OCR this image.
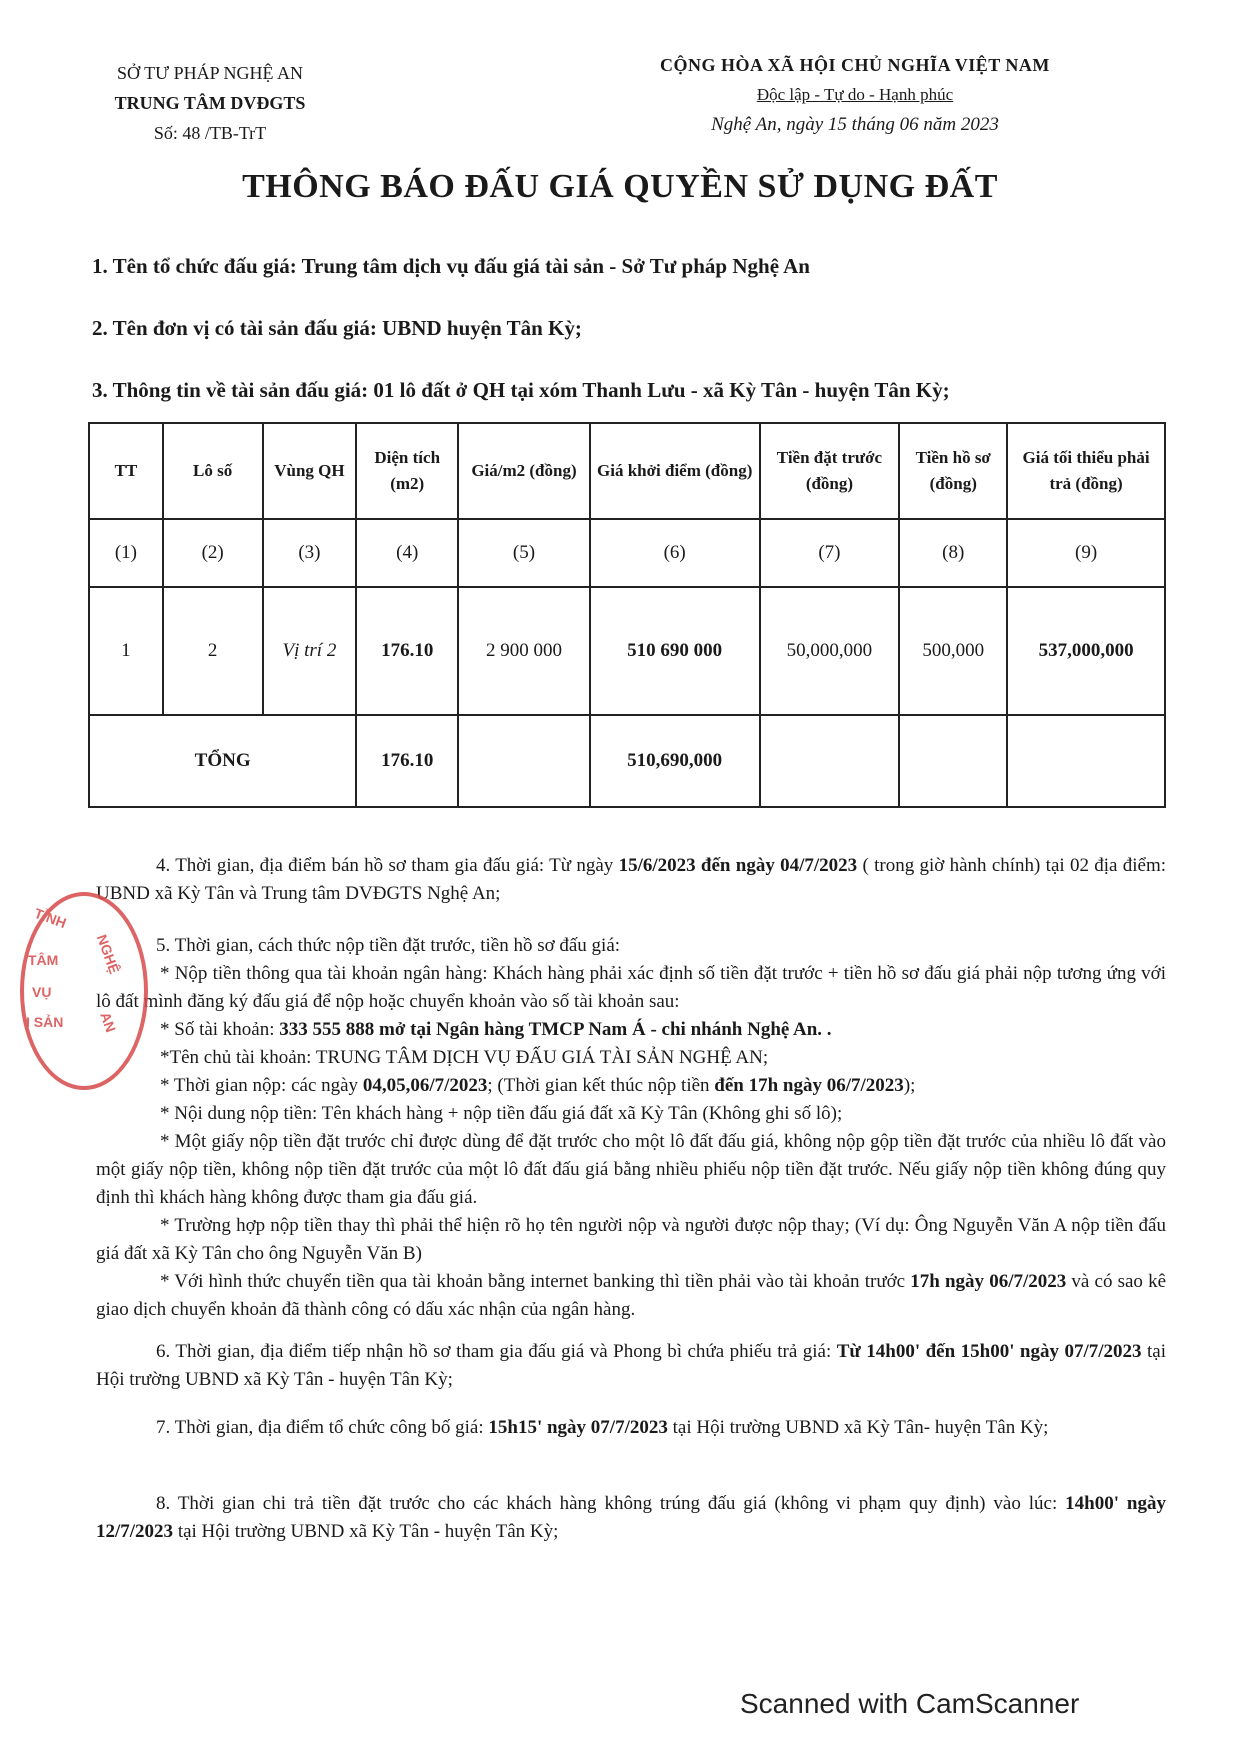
SỞ TƯ PHÁP NGHỆ AN
TRUNG TÂM DVĐGTS
Số: 48 /TB-TrT
CỘNG HÒA XÃ HỘI CHỦ NGHĨA VIỆT NAM
Độc lập - Tự do - Hạnh phúc
Nghệ An, ngày 15 tháng 06 năm 2023
THÔNG BÁO ĐẤU GIÁ QUYỀN SỬ DỤNG ĐẤT
1. Tên tổ chức đấu giá: Trung tâm dịch vụ đấu giá tài sản - Sở Tư pháp Nghệ An
2. Tên đơn vị có tài sản đấu giá: UBND huyện Tân Kỳ;
3. Thông tin về tài sản đấu giá: 01 lô đất ở QH tại xóm Thanh Lưu - xã Kỳ Tân - huyện Tân Kỳ;
TT	Lô số	Vùng QH	Diện tích (m2)	Giá/m2 (đồng)	Giá khởi điểm (đồng)	Tiền đặt trước (đồng)	Tiền hồ sơ (đồng)	Giá tối thiểu phải trả (đồng)
(1)	(2)	(3)	(4)	(5)	(6)	(7)	(8)	(9)
1	2	Vị trí 2	176.10	2 900 000	510 690 000	50,000,000	500,000	537,000,000
TỔNG			176.10		510,690,000			

4. Thời gian, địa điểm bán hồ sơ tham gia đấu giá: Từ ngày 15/6/2023 đến ngày 04/7/2023 ( trong giờ hành chính) tại 02 địa điểm: UBND xã Kỳ Tân và Trung tâm DVĐGTS Nghệ An;

5. Thời gian, cách thức nộp tiền đặt trước, tiền hồ sơ đấu giá:

* Nộp tiền thông qua tài khoản ngân hàng: Khách hàng phải xác định số tiền đặt trước + tiền hồ sơ đấu giá phải nộp tương ứng với lô đất mình đăng ký đấu giá để nộp hoặc chuyển khoản vào số tài khoản sau:

* Số tài khoản: 333 555 888 mở tại Ngân hàng TMCP Nam Á - chi nhánh Nghệ An. .

*Tên chủ tài khoản: TRUNG TÂM DỊCH VỤ ĐẤU GIÁ TÀI SẢN NGHỆ AN;

* Thời gian nộp: các ngày 04,05,06/7/2023; (Thời gian kết thúc nộp tiền đến 17h ngày 06/7/2023);

* Nội dung nộp tiền: Tên khách hàng + nộp tiền đấu giá đất xã Kỳ Tân (Không ghi số lô);

* Một giấy nộp tiền đặt trước chỉ được dùng để đặt trước cho một lô đất đấu giá, không nộp gộp tiền đặt trước của nhiều lô đất vào một giấy nộp tiền, không nộp tiền đặt trước của một lô đất đấu giá bằng nhiều phiếu nộp tiền đặt trước. Nếu giấy nộp tiền không đúng quy định thì khách hàng không được tham gia đấu giá.

* Trường hợp nộp tiền thay thì phải thể hiện rõ họ tên người nộp và người được nộp thay; (Ví dụ: Ông Nguyễn Văn A nộp tiền đấu giá đất xã Kỳ Tân cho ông Nguyễn Văn B)

* Với hình thức chuyển tiền qua tài khoản bằng internet banking thì tiền phải vào tài khoản trước 17h ngày 06/7/2023 và có sao kê giao dịch chuyển khoản đã thành công có dấu xác nhận của ngân hàng.

6. Thời gian, địa điểm tiếp nhận hồ sơ tham gia đấu giá và Phong bì chứa phiếu trả giá: Từ 14h00' đến 15h00' ngày 07/7/2023 tại Hội trường UBND xã Kỳ Tân - huyện Tân Kỳ;

7. Thời gian, địa điểm tổ chức công bố giá: 15h15' ngày 07/7/2023 tại Hội trường UBND xã Kỳ Tân- huyện Tân Kỳ;

8. Thời gian chi trả tiền đặt trước cho các khách hàng không trúng đấu giá (không vi phạm quy định) vào lúc: 14h00' ngày 12/7/2023 tại Hội trường UBND xã Kỳ Tân - huyện Tân Kỳ;

TỈNH
TÂM
VỤ
I SẢN
NGHỆ
AN
Scanned with CamScanner
